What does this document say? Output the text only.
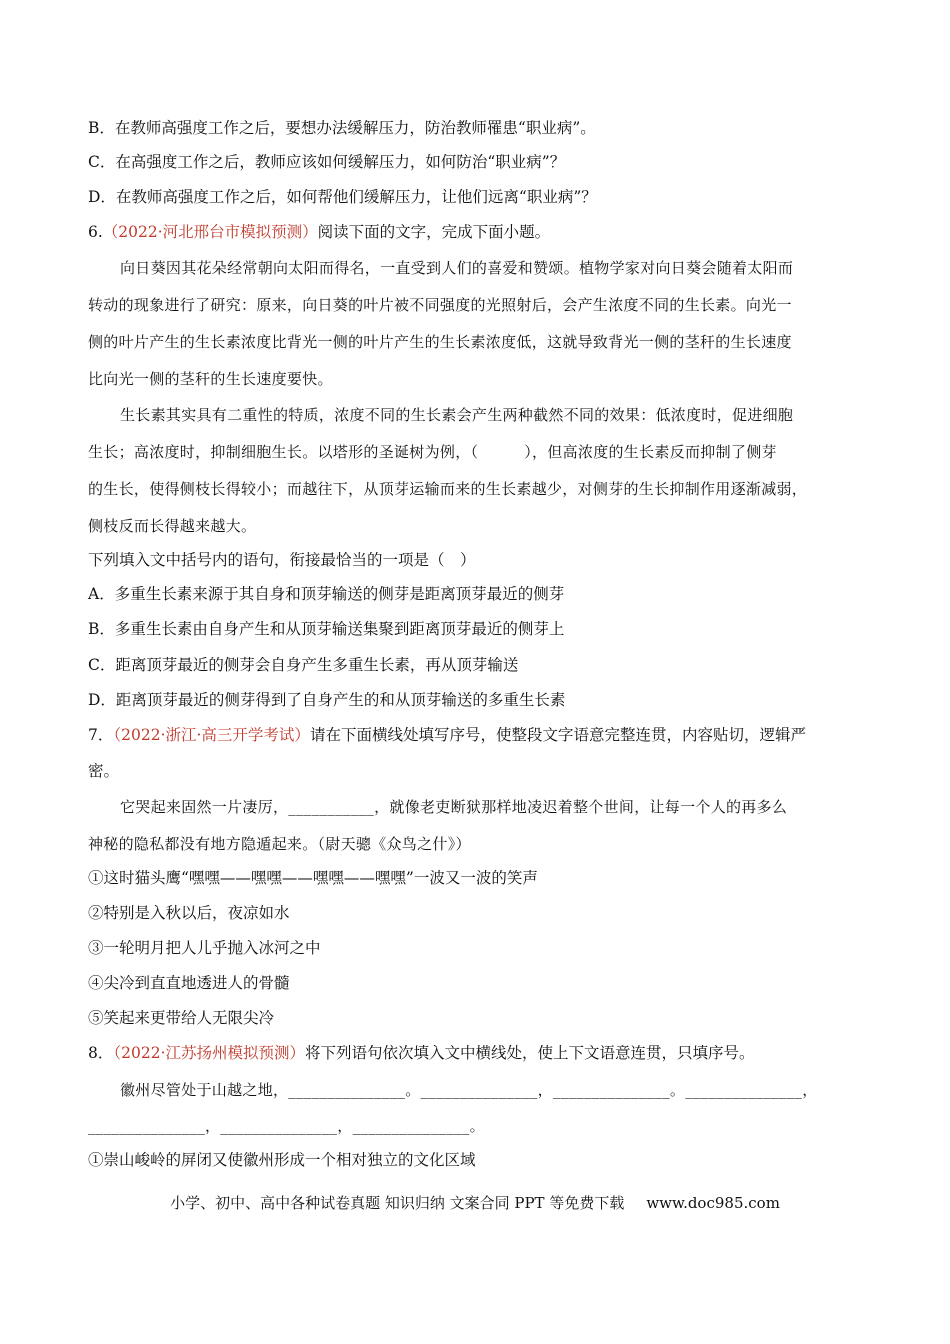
B．在教师高强度工作之后，要想办法缓解压力，防治教师罹患“职业病”。
C．在高强度工作之后，教师应该如何缓解压力，如何防治“职业病”？
D．在教师高强度工作之后，如何帮他们缓解压力，让他们远离“职业病”？
6.（2022·河北邢台市模拟预测）阅读下面的文字，完成下面小题。
向日葵因其花朵经常朝向太阳而得名，一直受到人们的喜爱和赞颂。植物学家对向日葵会随着太阳而
转动的现象进行了研究：原来，向日葵的叶片被不同强度的光照射后，会产生浓度不同的生长素。向光一
侧的叶片产生的生长素浓度比背光一侧的叶片产生的生长素浓度低，这就导致背光一侧的茎秆的生长速度
比向光一侧的茎秆的生长速度要快。
生长素其实具有二重性的特质，浓度不同的生长素会产生两种截然不同的效果：低浓度时，促进细胞
生长；高浓度时，抑制细胞生长。以塔形的圣诞树为例，（　　　），但高浓度的生长素反而抑制了侧芽
的生长，使得侧枝长得较小；而越往下，从顶芽运输而来的生长素越少，对侧芽的生长抑制作用逐渐减弱，
侧枝反而长得越来越大。
下列填入文中括号内的语句，衔接最恰当的一项是（　）
A．多重生长素来源于其自身和顶芽输送的侧芽是距离顶芽最近的侧芽
B．多重生长素由自身产生和从顶芽输送集聚到距离顶芽最近的侧芽上
C．距离顶芽最近的侧芽会自身产生多重生长素，再从顶芽输送
D．距离顶芽最近的侧芽得到了自身产生的和从顶芽输送的多重生长素
7．（2022·浙江·高三开学考试）请在下面横线处填写序号，使整段文字语意完整连贯，内容贴切，逻辑严
密。
它哭起来固然一片凄厉，___________，就像老吏断狱那样地凌迟着整个世间，让每一个人的再多么
神秘的隐私都没有地方隐遁起来。（尉天骢《众鸟之什》）
①这时猫头鹰“嘿嘿——嘿嘿——嘿嘿——嘿嘿”一波又一波的笑声
②特别是入秋以后，夜凉如水
③一轮明月把人儿乎抛入冰河之中
④尖冷到直直地透进人的骨髓
⑤笑起来更带给人无限尖冷
8．（2022·江苏扬州模拟预测）将下列语句依次填入文中横线处，使上下文语意连贯，只填序号。
徽州尽管处于山越之地，_______________。_______________，_______________。_______________，
_______________，_______________，_______________。
①崇山峻岭的屏闭又使徽州形成一个相对独立的文化区域
小学、初中、高中各种试卷真题 知识归纳 文案合同 PPT 等免费下载 www.doc985.com
